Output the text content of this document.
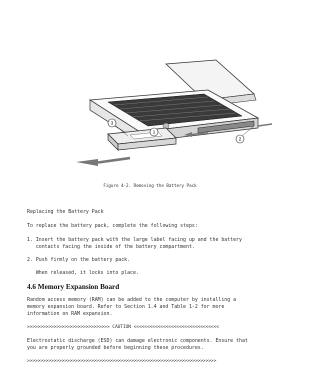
3
1
2
Figure 4-2. Removing the Battery Pack
Replacing the Battery Pack
To replace the battery pack, complete the following steps:
1. Insert the battery pack with the large label facing up and the battery
contacts facing the inside of the battery compartment.
2. Push firmly on the battery pack.
When released, it locks into place.
4.6 Memory Expansion Board
Random access memory (RAM) can be added to the computer by installing a
memory expansion board. Refer to Section 1.4 and Table 1-2 for more
information on RAM expansion.
>>>>>>>>>>>>>>>>>>>>>>>>>>>>>>> CAUTION <<<<<<<<<<<<<<<<<<<<<<<<<<<<<<<<
Electrostatic discharge (ESD) can damage electronic components. Ensure that
you are properly grounded before beginning these procedures.
>>>>>>>>>>>>>>>>>>>>>>>>>>>>>>>>>>>>>>>>>>>>>>>>>>>>>>>>>>>>>>>>>>>>>>>
